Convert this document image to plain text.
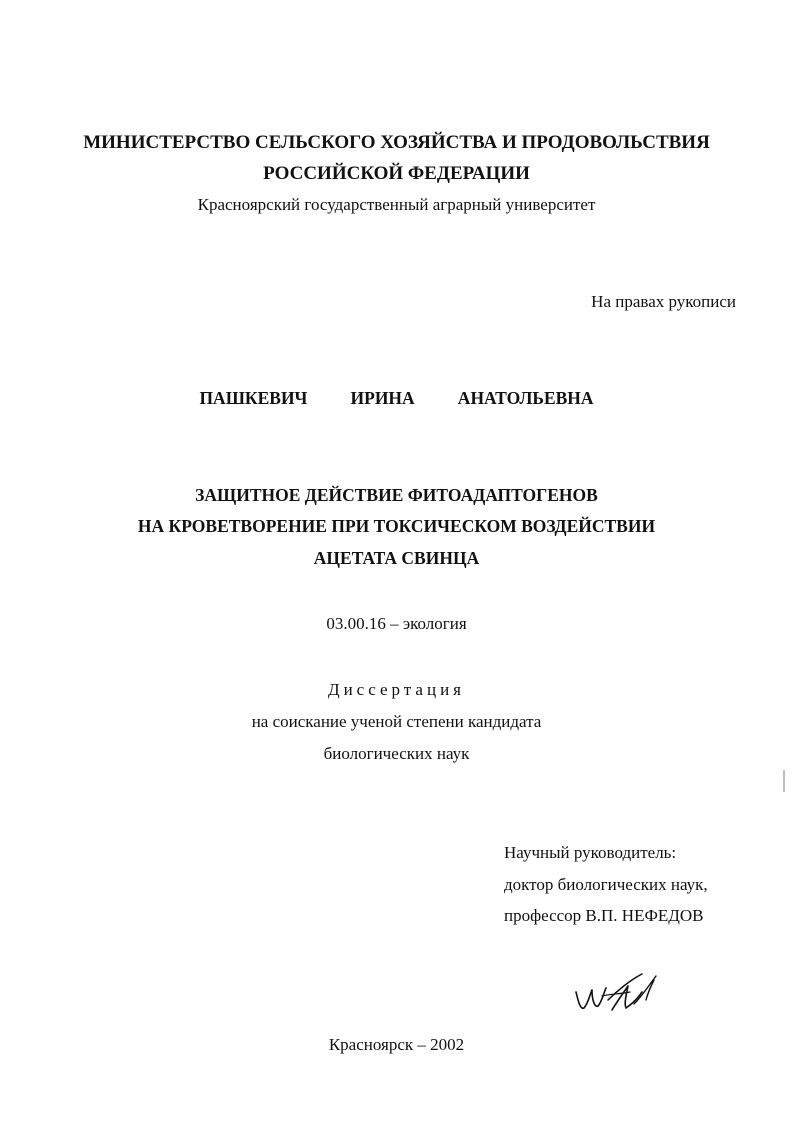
МИНИСТЕРСТВО СЕЛЬСКОГО ХОЗЯЙСТВА И ПРОДОВОЛЬСТВИЯ
РОССИЙСКОЙ ФЕДЕРАЦИИ
Красноярский государственный аграрный университет
На правах рукописи
ПАШКЕВИЧ   ИРИНА   АНАТОЛЬЕВНА
ЗАЩИТНОЕ ДЕЙСТВИЕ ФИТОАДАПТОГЕНОВ
НА КРОВЕТВОРЕНИЕ ПРИ ТОКСИЧЕСКОМ ВОЗДЕЙСТВИИ
АЦЕТАТА СВИНЦА
03.00.16 – экология
Диссертация
на соискание ученой степени кандидата
биологических наук
Научный руководитель:
доктор биологических наук,
профессор В.П. НЕФЕДОВ
Красноярск – 2002
